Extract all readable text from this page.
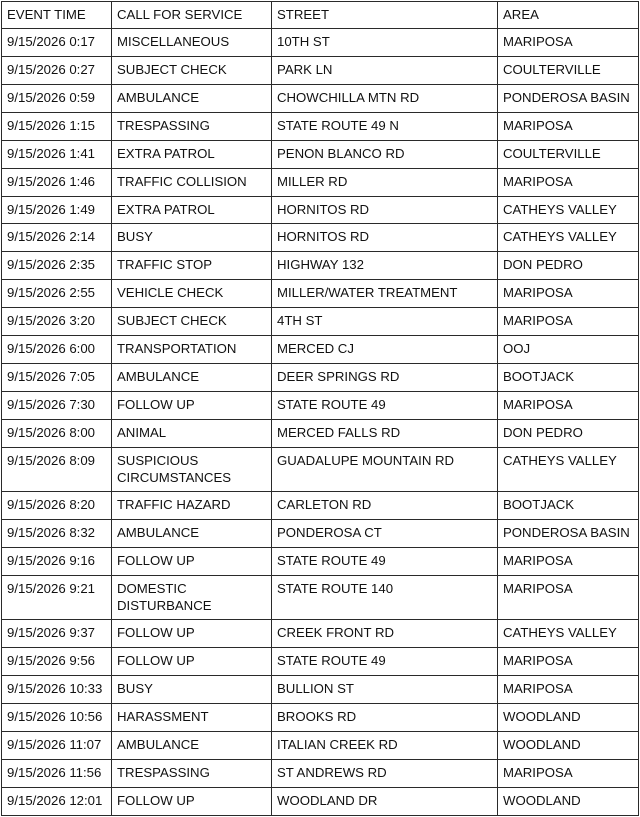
EVENT TIME	CALL FOR SERVICE	STREET	AREA
9/15/2026 0:17	MISCELLANEOUS	10TH ST	MARIPOSA
9/15/2026 0:27	SUBJECT CHECK	PARK LN	COULTERVILLE
9/15/2026 0:59	AMBULANCE	CHOWCHILLA MTN RD	PONDEROSA BASIN
9/15/2026 1:15	TRESPASSING	STATE ROUTE 49 N	MARIPOSA
9/15/2026 1:41	EXTRA PATROL	PENON BLANCO RD	COULTERVILLE
9/15/2026 1:46	TRAFFIC COLLISION	MILLER RD	MARIPOSA
9/15/2026 1:49	EXTRA PATROL	HORNITOS RD	CATHEYS VALLEY
9/15/2026 2:14	BUSY	HORNITOS RD	CATHEYS VALLEY
9/15/2026 2:35	TRAFFIC STOP	HIGHWAY 132	DON PEDRO
9/15/2026 2:55	VEHICLE CHECK	MILLER/WATER TREATMENT	MARIPOSA
9/15/2026 3:20	SUBJECT CHECK	4TH ST	MARIPOSA
9/15/2026 6:00	TRANSPORTATION	MERCED CJ	OOJ
9/15/2026 7:05	AMBULANCE	DEER SPRINGS RD	BOOTJACK
9/15/2026 7:30	FOLLOW UP	STATE ROUTE 49	MARIPOSA
9/15/2026 8:00	ANIMAL	MERCED FALLS RD	DON PEDRO
9/15/2026 8:09	SUSPICIOUS CIRCUMSTANCES	GUADALUPE MOUNTAIN RD	CATHEYS VALLEY
9/15/2026 8:20	TRAFFIC HAZARD	CARLETON RD	BOOTJACK
9/15/2026 8:32	AMBULANCE	PONDEROSA CT	PONDEROSA BASIN
9/15/2026 9:16	FOLLOW UP	STATE ROUTE 49	MARIPOSA
9/15/2026 9:21	DOMESTIC DISTURBANCE	STATE ROUTE 140	MARIPOSA
9/15/2026 9:37	FOLLOW UP	CREEK FRONT RD	CATHEYS VALLEY
9/15/2026 9:56	FOLLOW UP	STATE ROUTE 49	MARIPOSA
9/15/2026 10:33	BUSY	BULLION ST	MARIPOSA
9/15/2026 10:56	HARASSMENT	BROOKS RD	WOODLAND
9/15/2026 11:07	AMBULANCE	ITALIAN CREEK RD	WOODLAND
9/15/2026 11:56	TRESPASSING	ST ANDREWS RD	MARIPOSA
9/15/2026 12:01	FOLLOW UP	WOODLAND DR	WOODLAND
